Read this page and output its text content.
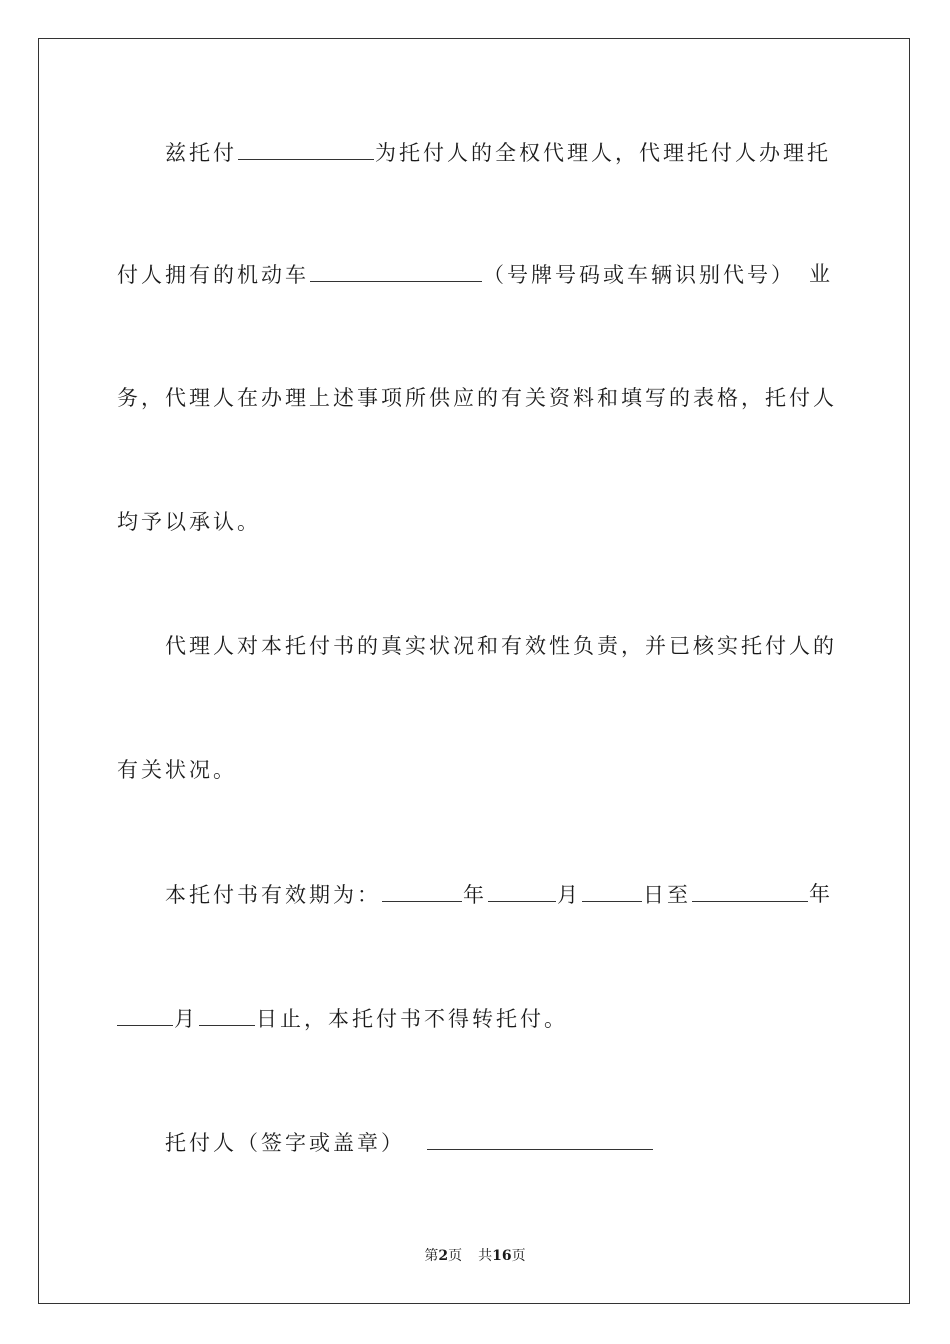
兹托付	为托付人的全权代理人，代理托付人办理托
付人拥有的机动车	（号牌号码或车辆识别代号） 业
务，代理人在办理上述事项所供应的有关资料和填写的表格，托付人
均予以承认。
代理人对本托付书的真实状况和有效性负责，并已核实托付人的
有关状况。
本托付书有效期为：	年	月	日至	年
月	日止，本托付书不得转托付。
托付人（签字或盖章）
第2页 共16页
